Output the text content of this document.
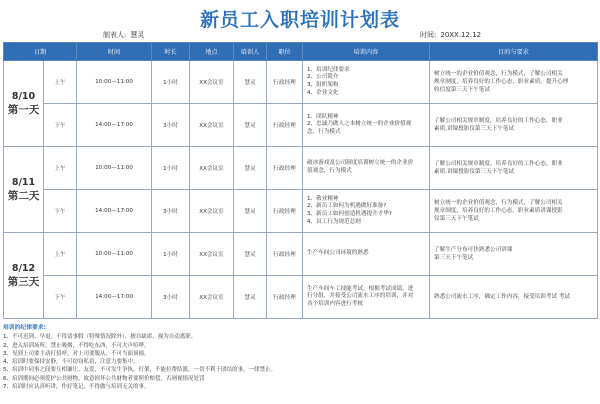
新员工入职培训计划表
制表人: 慧灵	时间: 20XX.12.12
日期		时间	时长	地点	培训人	职位	培训内容	目的与要求

8/10
第一天	上午	10:00—11:00	1小时	XX会议室	慧灵	行政经理	1、培训纪律要求
2、公司简介
3、组织架构
4、企业文化	树立统一的企业价值观念，行为模式，了解公司相关
规章制度，培养良好的工作心态，职业素质，提升心理
收信度第三天下午笔试

	下午	14:00—17:00	3小时	XX会议室	慧灵	行政经理	1、团队精神
2、忠诚乃做人之本树立统一的企业价值观
念，行为模式	了解公司相关规章制度，培养良好的工作心态，职业
素质,讲课授影仪第三天下午笔试

8/11
第二天	上午	10:00—11:00	1小时	XX会议室	慧灵	行政经理	破冰游戏及公司制度培训树立统一的企业价
值观念，行为模式	了解公司相关规章制度，培养良好的工作心态，职业
素质,讲课授影仪第三天下午笔试

	下午	14:00—17:00	3小时	XX会议室	慧灵	行政经理	1、敬业精神
2、新员工如何为机遇做好准备?
3、新员工如何创造机遇提升才华?
4、员工行为规范总则	树立统一的企业价值观念，行为模式，了解公司相关
规章制度，培养良好的工作心态，职业素质讲课授影
仪第三天下午笔试

8/12
第三天	上午	10:00—11:00	1小时	XX会议室	慧灵	行政经理	生产车间公司环境的熟悉	了解生产分布可快熟悉公司讲课
第三天下午笔试

	下午	14:00—17:00	3小时	XX会议室	慧灵	行政经理	生产车间车工技能考试，根据考试成绩，进
行分组，并接受公司流水工序的培训，并对
各个培训内容进行考核	熟悉公司流水工序，确定工作内容，接受培训考试 考试
培训的纪律要求:
1、不可迟到、早退，不得请事假（特殊情况除外），擅自缺席，视为自动离职。
2、进入培训场所，禁止吸烟，不得吃东西，不可大声喧哗。
3、见到上司要主动打招呼，对上司要服从，不可当面顶撞。
4、培训时要保持安静，不可窃窃私语，注意力要集中。
5、培训中同事之间要互相谦让、友爱，不可发生争执、打架，不能拉帮结派，一切不利于团结的事，一律禁止。
6、培训期间必须爱护公共财物，故意损坏公共财物者要照价赔偿，否则视情况处罚
7、培训时应认真听讲，作好笔记，不得做与培训无关的事。
